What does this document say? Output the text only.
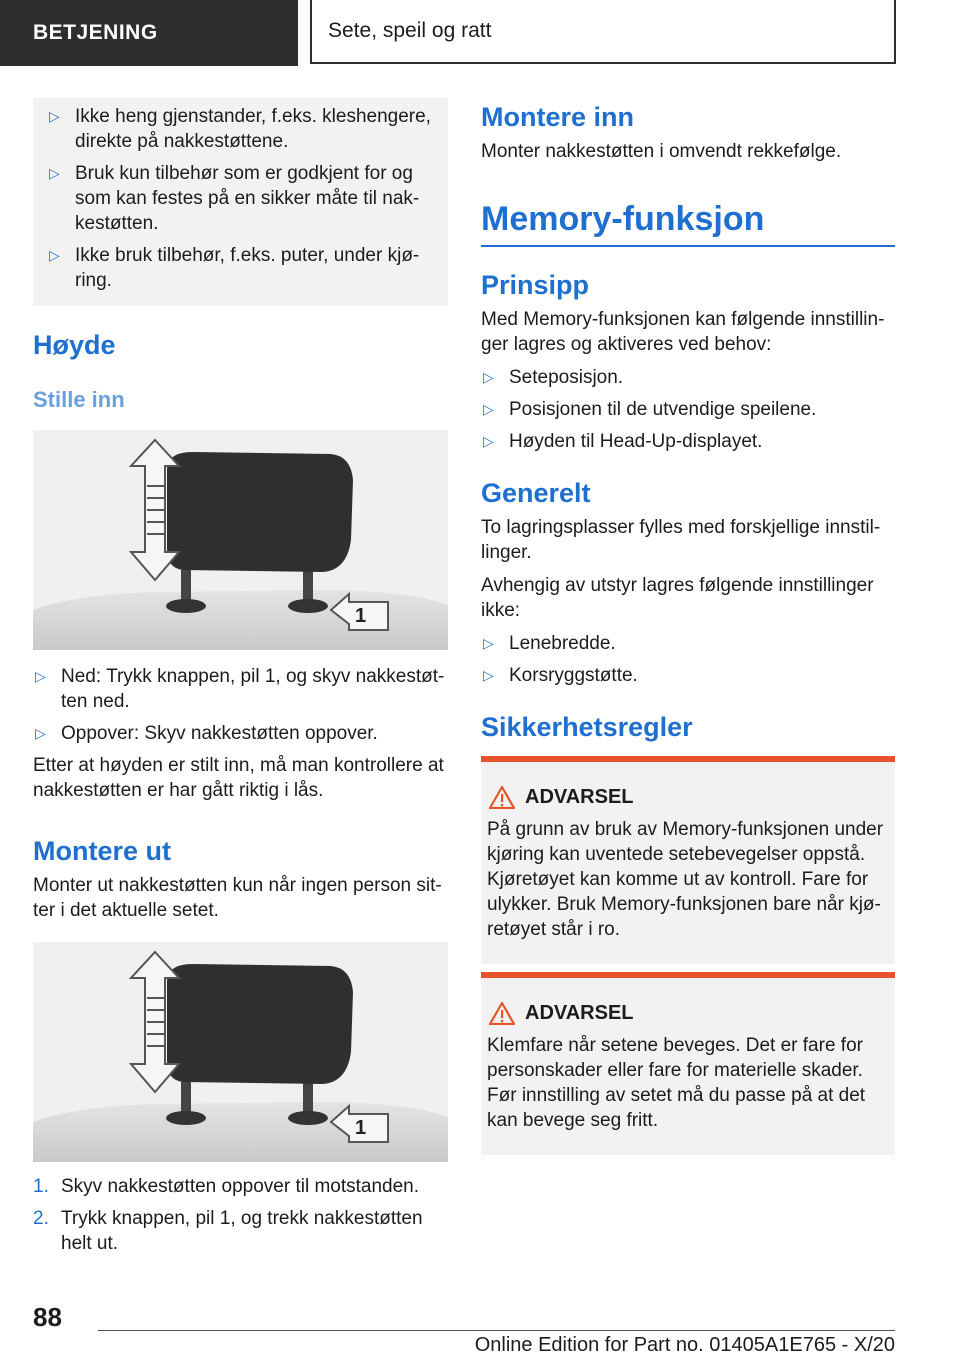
BETJENING	Sete, speil og ratt
▷ Ikke heng gjenstander, f.eks. kleshengere, direkte på nakkestøttene.
▷ Bruk kun tilbehør som er godkjent for og som kan festes på en sikker måte til nak-kestøtten.
▷ Ikke bruk tilbehør, f.eks. puter, under kjø-ring.
Høyde
Stille inn
1
▷ Ned: Trykk knappen, pil 1, og skyv nakkestøt-ten ned.
▷ Oppover: Skyv nakkestøtten oppover.

Etter at høyden er stilt inn, må man kontrollere at nakkestøtten er har gått riktig i lås.

Montere ut

Monter ut nakkestøtten kun når ingen person sit-ter i det aktuelle setet.

1
1. Skyv nakkestøtten oppover til motstanden.
2. Trykk knappen, pil 1, og trekk nakkestøtten helt ut.
Montere inn

Monter nakkestøtten i omvendt rekkefølge.

Memory-funksjon
Prinsipp

Med Memory-funksjonen kan følgende innstillin-ger lagres og aktiveres ved behov:

▷ Seteposisjon.
▷ Posisjonen til de utvendige speilene.
▷ Høyden til Head-Up-displayet.
Generelt

To lagringsplasser fylles med forskjellige innstil-linger.

Avhengig av utstyr lagres følgende innstillinger ikke:

▷ Lenebredde.
▷ Korsryggstøtte.
Sikkerhetsregler
ADVARSEL
På grunn av bruk av Memory-funksjonen under kjøring kan uventede setebevegelser oppstå. Kjøretøyet kan komme ut av kontroll. Fare for ulykker. Bruk Memory-funksjonen bare når kjø-retøyet står i ro.
ADVARSEL
Klemfare når setene beveges. Det er fare for personskader eller fare for materielle skader. Før innstilling av setet må du passe på at det kan bevege seg fritt.
88
Online Edition for Part no. 01405A1E765 - X/20
